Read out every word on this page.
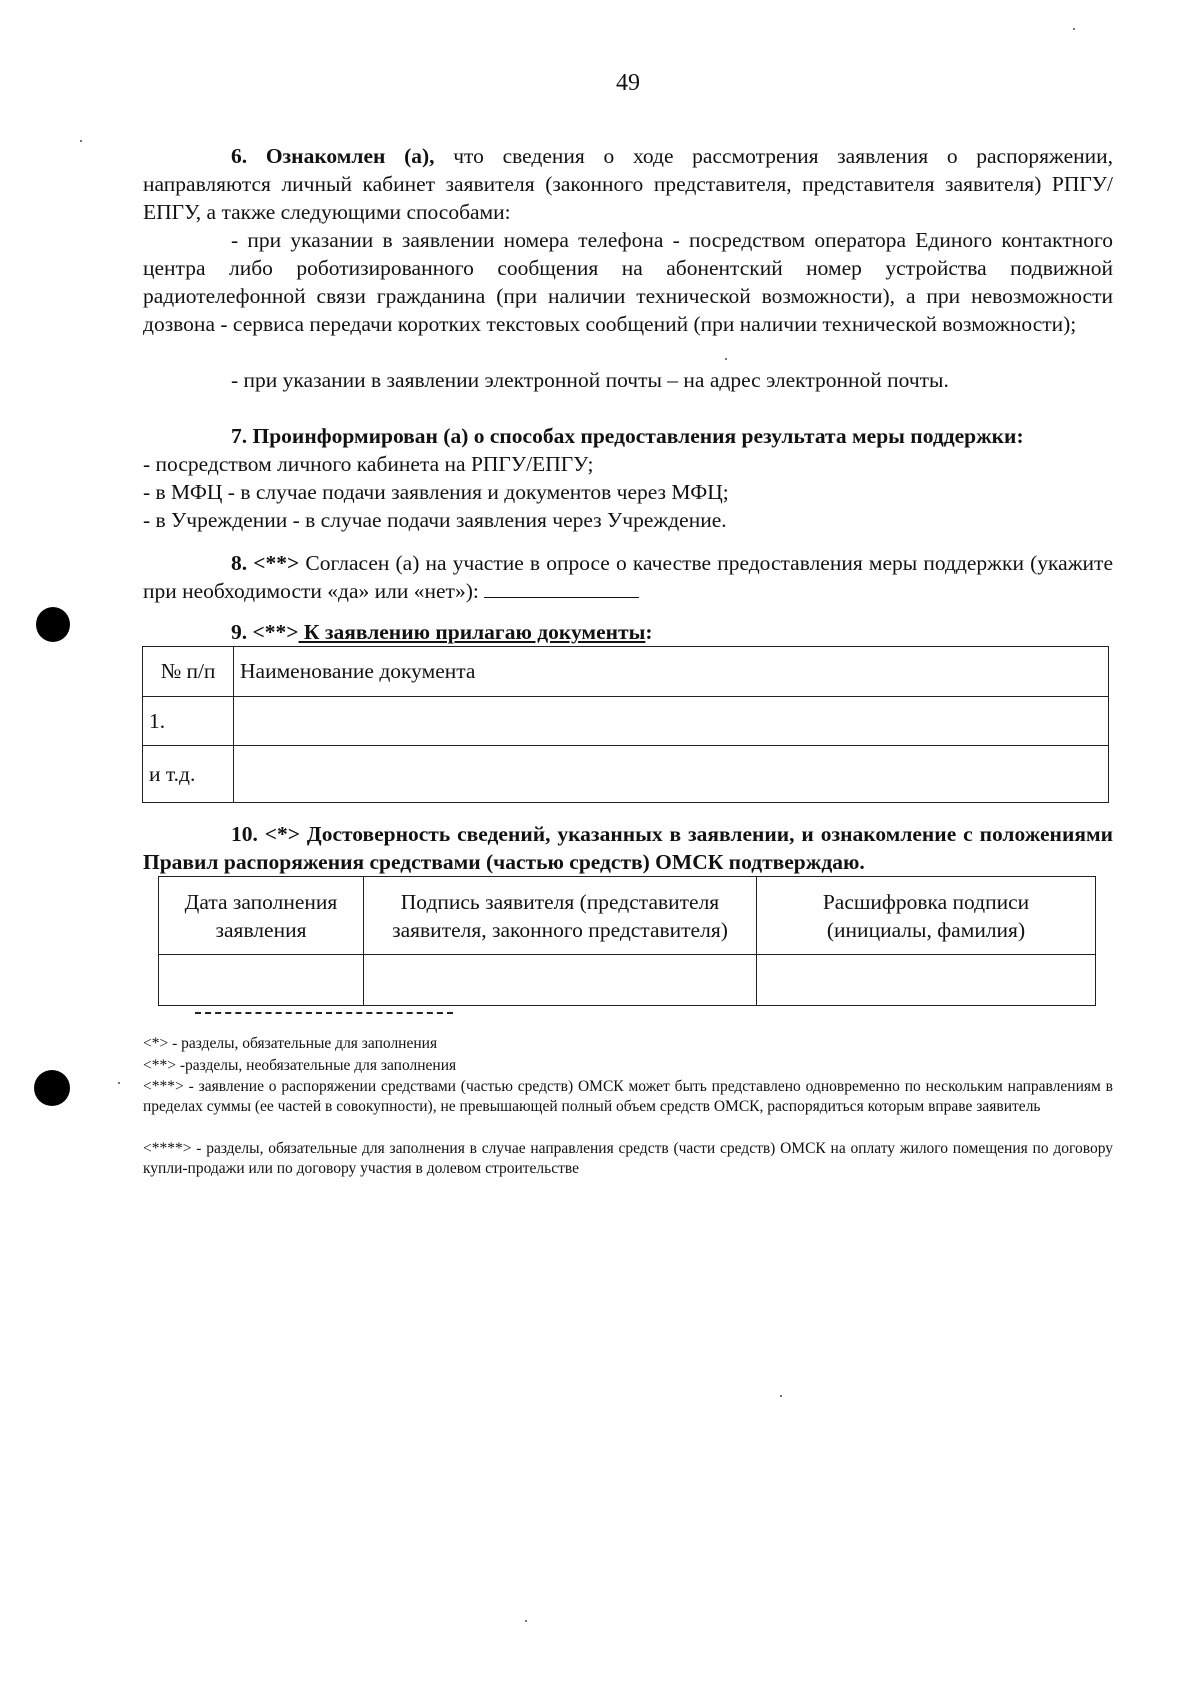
49
6. Ознакомлен (а), что сведения о ходе рассмотрения заявления о распоряжении, направляются личный кабинет заявителя (законного представителя, представителя заявителя) РПГУ/ЕПГУ, а также следующими способами:
- при указании в заявлении номера телефона - посредством оператора Единого контактного центра либо роботизированного сообщения на абонентский номер устройства подвижной радиотелефонной связи гражданина (при наличии технической возможности), а при невозможности дозвона - сервиса передачи коротких текстовых сообщений (при наличии технической возможности);
- при указании в заявлении электронной почты – на адрес электронной почты.
7. Проинформирован (а) о способах предоставления результата меры поддержки:
- посредством личного кабинета на РПГУ/ЕПГУ;
- в МФЦ - в случае подачи заявления и документов через МФЦ;
- в Учреждении - в случае подачи заявления через Учреждение.
8. <**> Согласен (а) на участие в опросе о качестве предоставления меры поддержки (укажите при необходимости «да» или «нет»):
9. <**> К заявлению прилагаю документы:
№ п/п	Наименование документа
1.	
и т.д.	
10. <*> Достоверность сведений, указанных в заявлении, и ознакомление с положениями Правил распоряжения средствами (частью средств) ОМСК подтверждаю.
Дата заполнения заявления	Подпись заявителя (представителя заявителя, законного представителя)	Расшифровка подписи (инициалы, фамилия)

<*> - разделы, обязательные для заполнения
<**> -разделы, необязательные для заполнения
<***> - заявление о распоряжении средствами (частью средств) ОМСК может быть представлено одновременно по нескольким направлениям в пределах суммы (ее частей в совокупности), не превышающей полный объем средств ОМСК, распорядиться которым вправе заявитель
<****> - разделы, обязательные для заполнения в случае направления средств (части средств) ОМСК на оплату жилого помещения по договору купли-продажи или по договору участия в долевом строительстве
